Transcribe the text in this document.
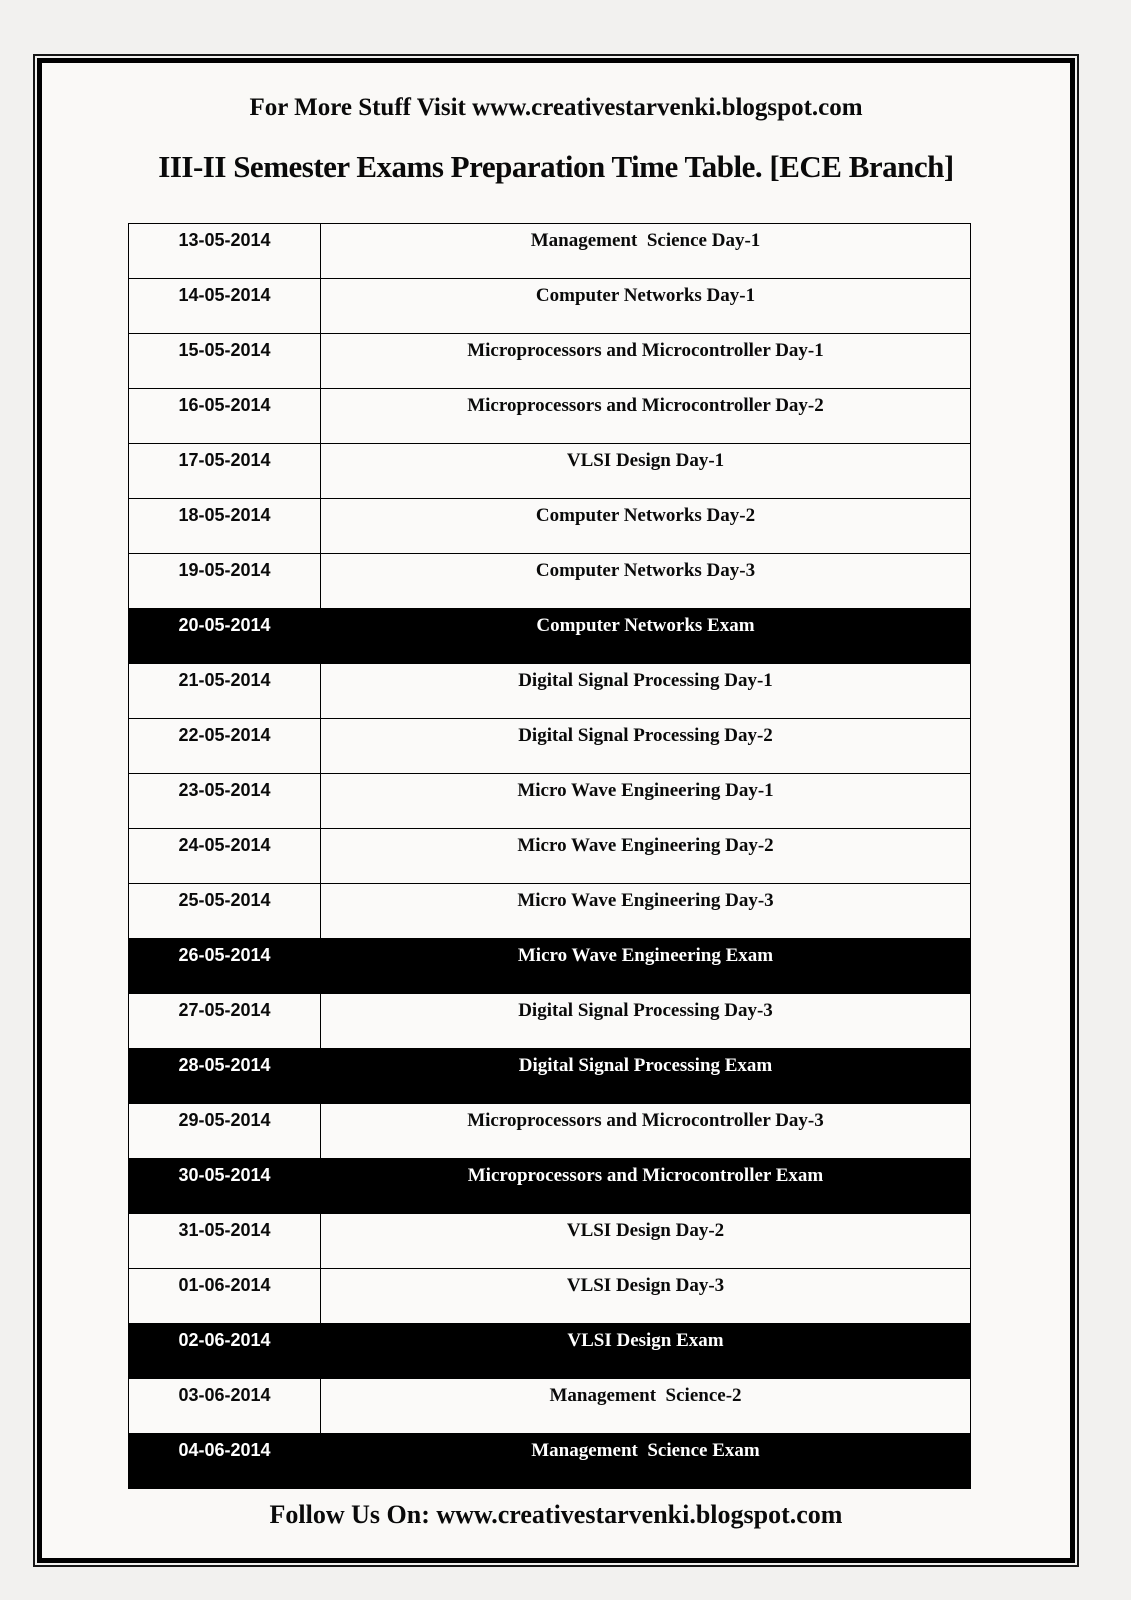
For More Stuff Visit www.creativestarvenki.blogspot.com
III-II Semester Exams Preparation Time Table. [ECE Branch]
13-05-2014	Management  Science Day-1
14-05-2014	Computer Networks Day-1
15-05-2014	Microprocessors and Microcontroller Day-1
16-05-2014	Microprocessors and Microcontroller Day-2
17-05-2014	VLSI Design Day-1
18-05-2014	Computer Networks Day-2
19-05-2014	Computer Networks Day-3
20-05-2014	Computer Networks Exam
21-05-2014	Digital Signal Processing Day-1
22-05-2014	Digital Signal Processing Day-2
23-05-2014	Micro Wave Engineering Day-1
24-05-2014	Micro Wave Engineering Day-2
25-05-2014	Micro Wave Engineering Day-3
26-05-2014	Micro Wave Engineering Exam
27-05-2014	Digital Signal Processing Day-3
28-05-2014	Digital Signal Processing Exam
29-05-2014	Microprocessors and Microcontroller Day-3
30-05-2014	Microprocessors and Microcontroller Exam
31-05-2014	VLSI Design Day-2
01-06-2014	VLSI Design Day-3
02-06-2014	VLSI Design Exam
03-06-2014	Management  Science-2
04-06-2014	Management  Science Exam
Follow Us On: www.creativestarvenki.blogspot.com
